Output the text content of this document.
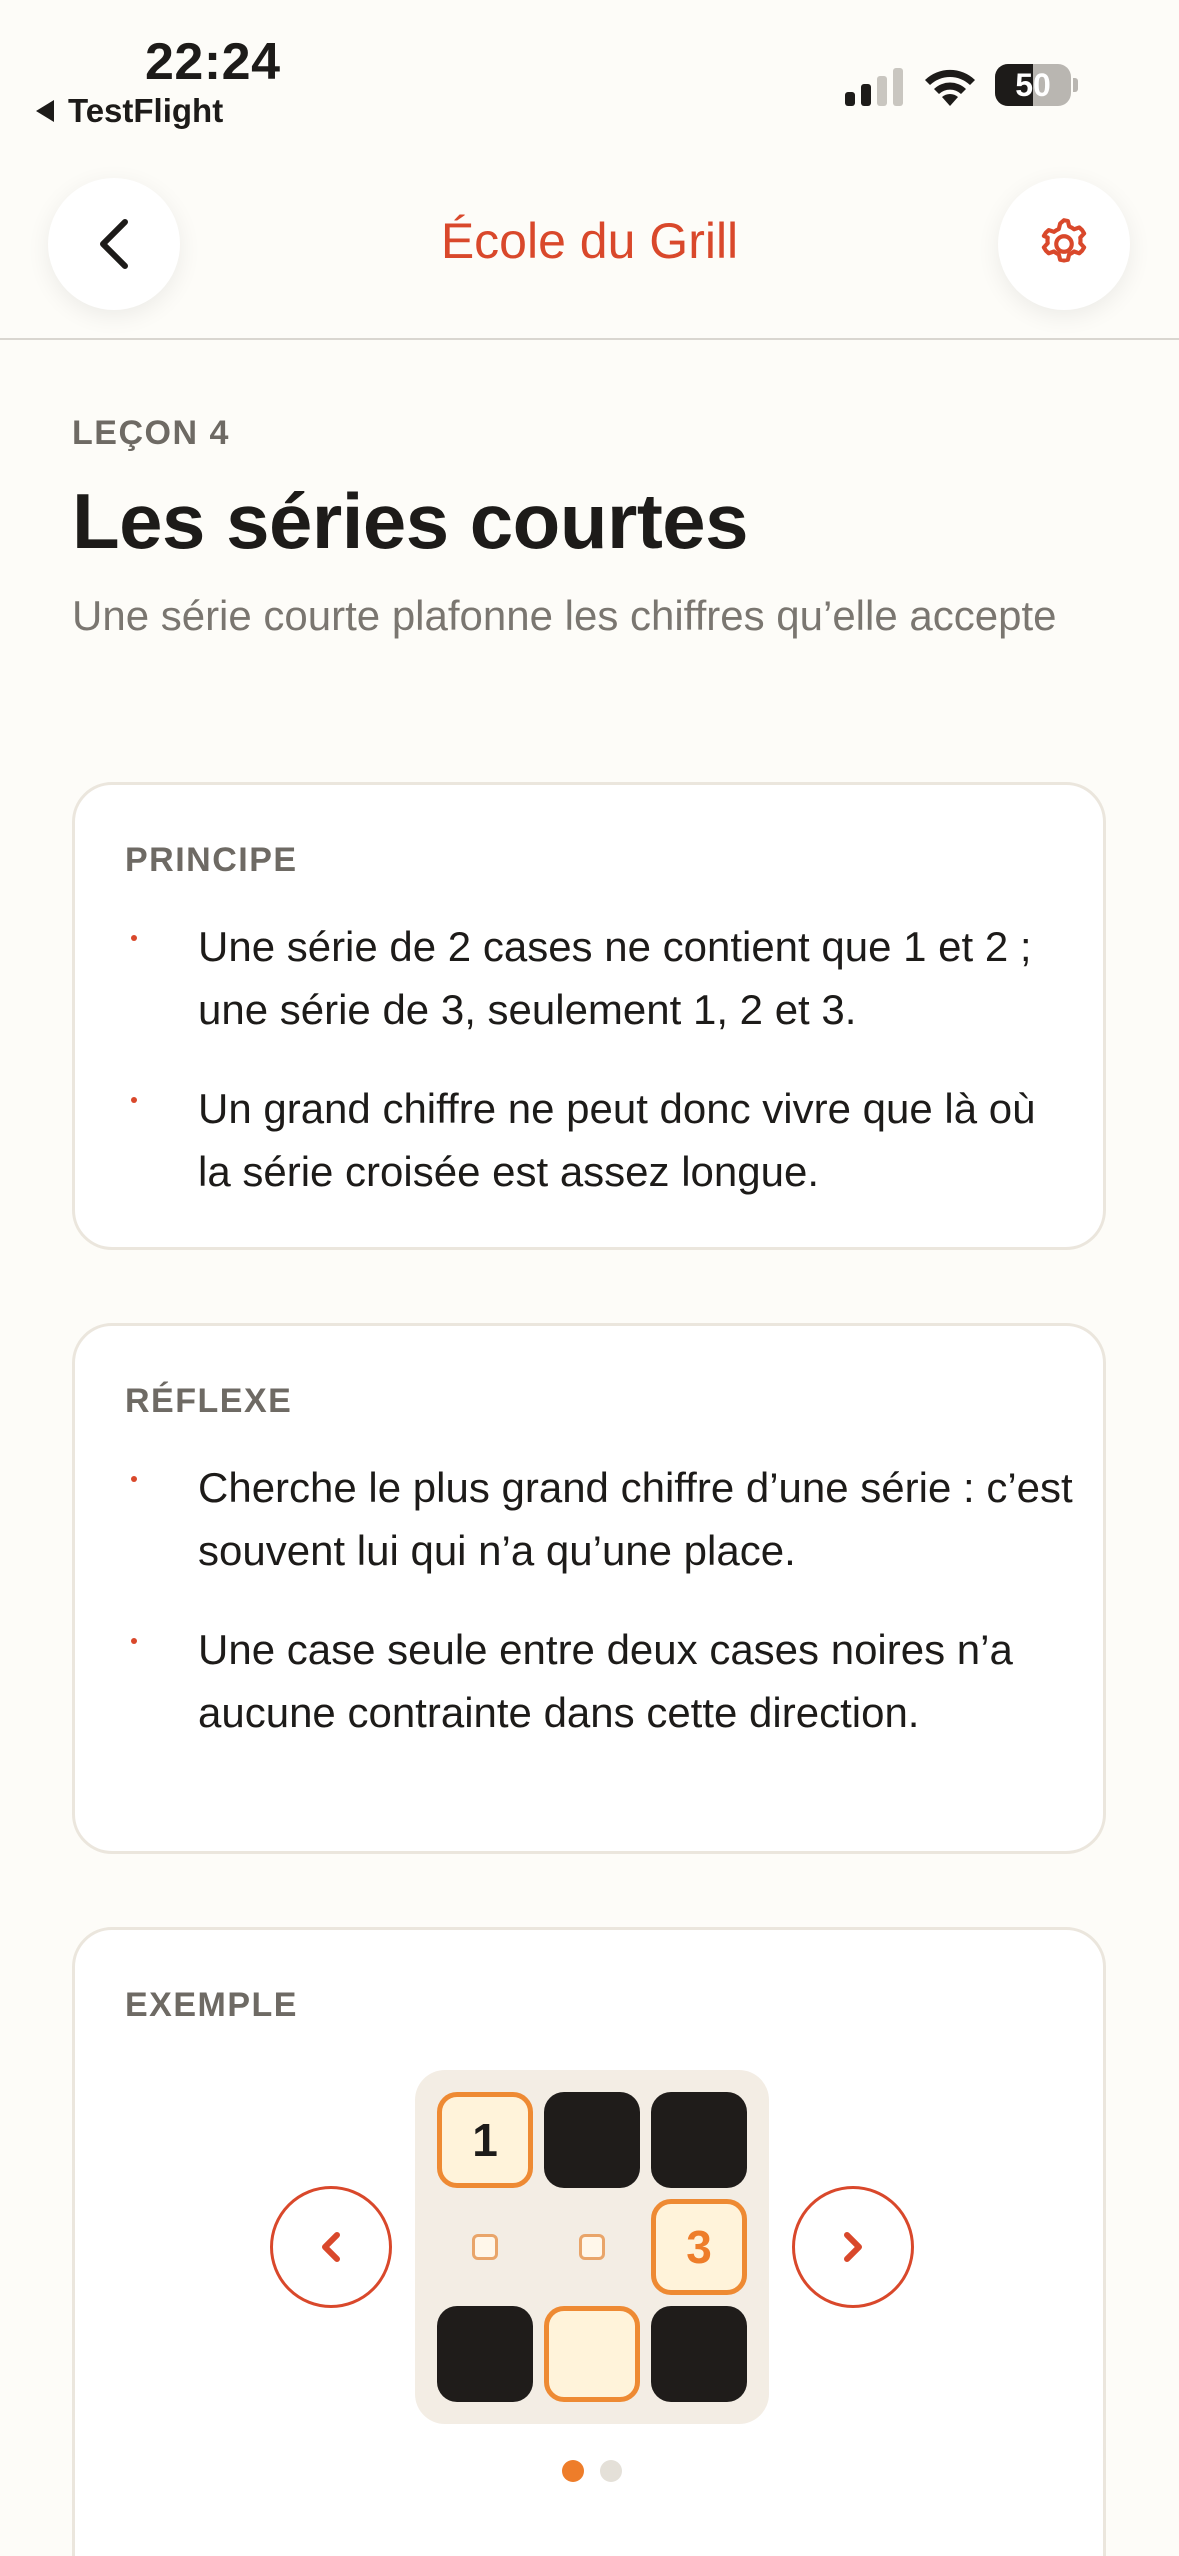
22:24
TestFlight
50
École du Grill
LEÇON 4
Les séries courtes
Une série courte plafonne les chiffres qu’elle accepte
PRINCIPE
Une série de 2 cases ne contient que 1 et 2 ; une série de 3, seulement 1, 2 et 3.
Un grand chiffre ne peut donc vivre que là où la série croisée est assez longue.
RÉFLEXE
Cherche le plus grand chiffre d’une série : c’est souvent lui qui n’a qu’une place.
Une case seule entre deux cases noires n’a aucune contrainte dans cette direction.
EXEMPLE
1
3
